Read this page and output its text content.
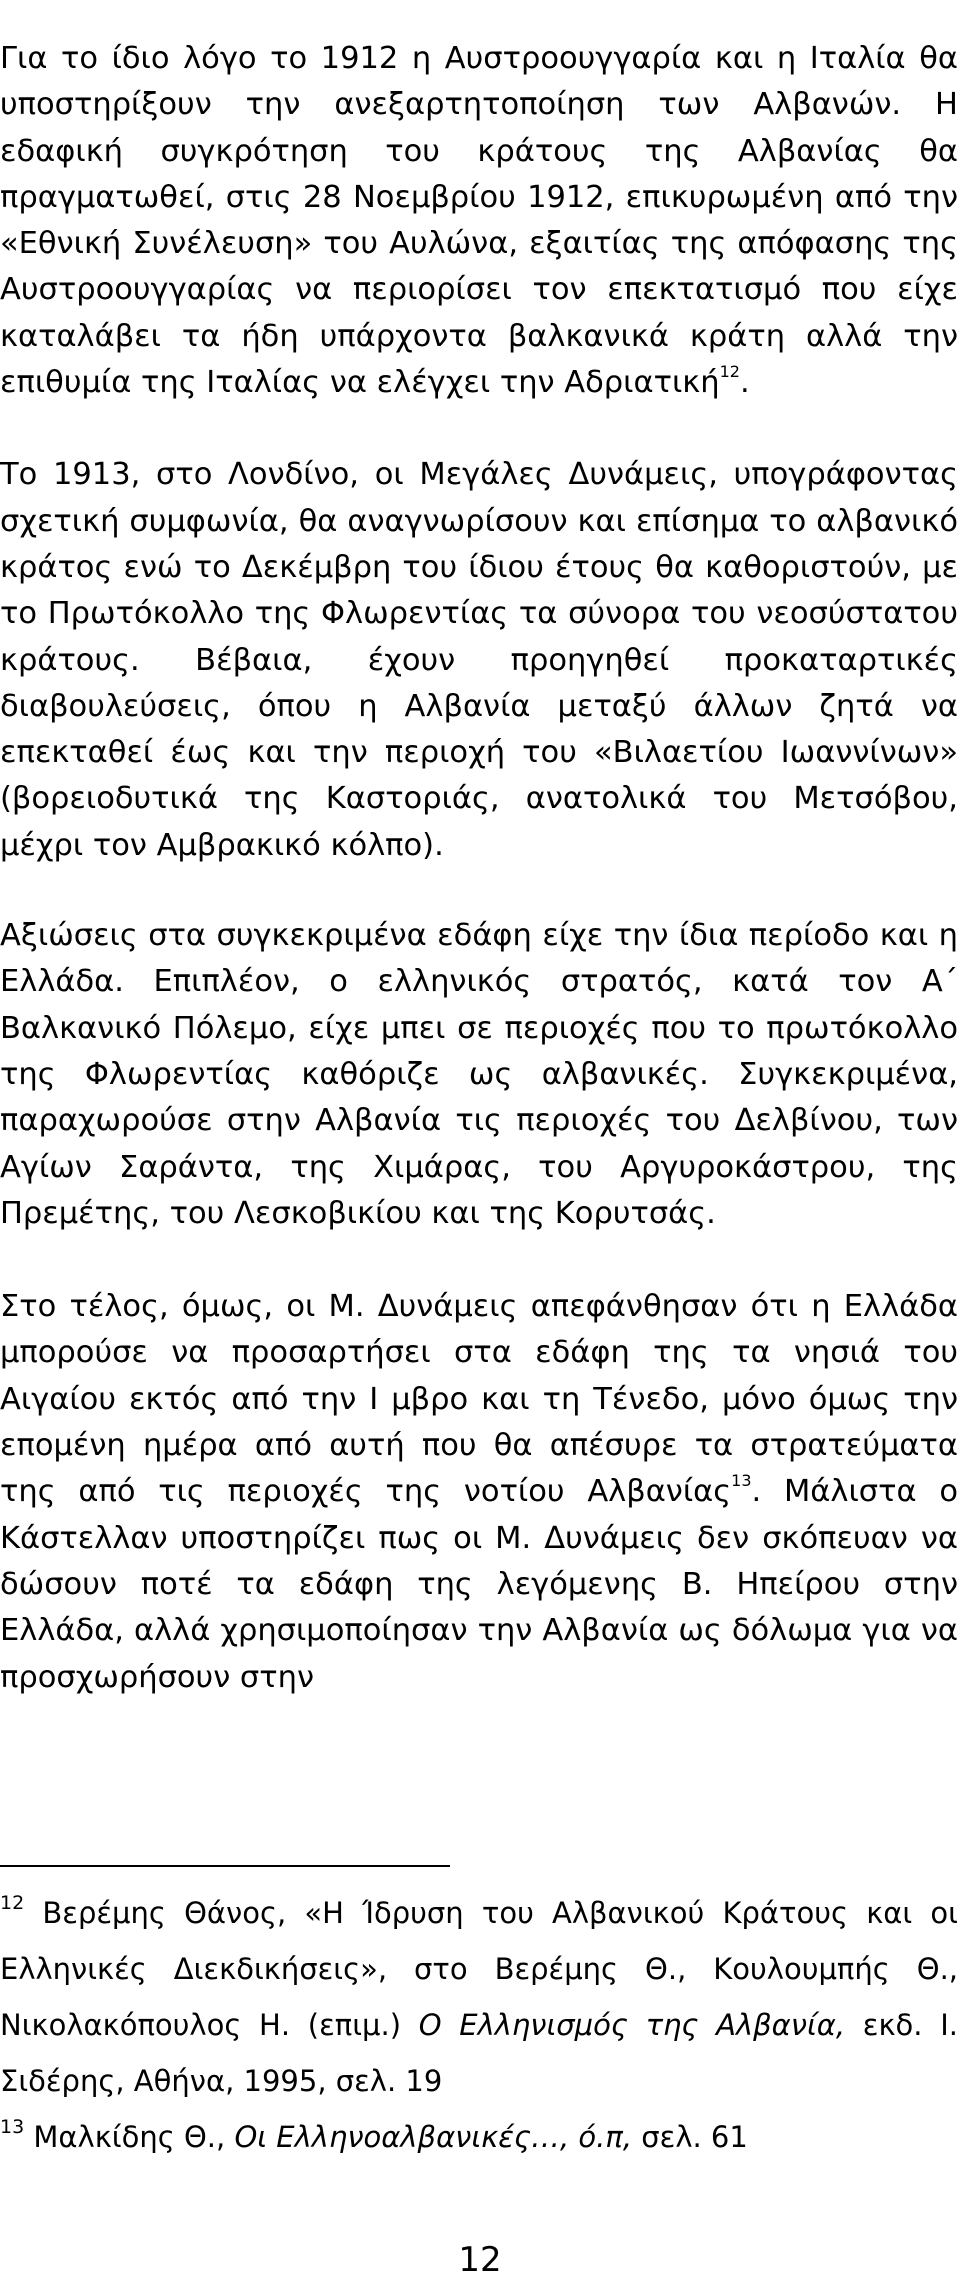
Για το ίδιο λόγο το 1912 η Αυστροουγγαρία και η Ιταλία θα υποστηρίξουν την ανεξαρτητοποίηση των Αλβανών. Η εδαφική συγκρότηση του κράτους της Αλβανίας θα πραγματωθεί, στις 28 Νοεμβρίου 1912, επικυρωμένη από την «Εθνική Συνέλευση» του Αυλώνα, εξαιτίας της απόφασης της Αυστροουγγαρίας να περιορίσει τον επεκτατισμό που είχε καταλάβει τα ήδη υπάρχοντα βαλκανικά κράτη αλλά την επιθυμία της Ιταλίας να ελέγχει την Αδριατική$^{12}$.

Το 1913, στο Λονδίνο, οι Μεγάλες Δυνάμεις, υπογράφοντας σχετική συμφωνία, θα αναγνωρίσουν και επίσημα το αλβανικό κράτος ενώ το Δεκέμβρη του ίδιου έτους θα καθοριστούν, με το Πρωτόκολλο της Φλωρεντίας τα σύνορα του νεοσύστατου κράτους. Βέβαια, έχουν προηγηθεί προκαταρτικές διαβουλεύσεις, όπου η Αλβανία μεταξύ άλλων ζητά να επεκταθεί έως και την περιοχή του «Βιλαετίου Ιωαννίνων» (βορειοδυτικά της Καστοριάς, ανατολικά του Μετσόβου, μέχρι τον Αμβρακικό κόλπο).

Αξιώσεις στα συγκεκριμένα εδάφη είχε την ίδια περίοδο και η Ελλάδα. Επιπλέον, ο ελληνικός στρατός, κατά τον Α΄ Βαλκανικό Πόλεμο, είχε μπει σε περιοχές που το πρωτόκολλο της Φλωρεντίας καθόριζε ως αλβανικές. Συγκεκριμένα, παραχωρούσε στην Αλβανία τις περιοχές του Δελβίνου, των Αγίων Σαράντα, της Χιμάρας, του Αργυροκάστρου, της Πρεμέτης, του Λεσκοβικίου και της Κορυτσάς.

Στο τέλος, όμως, οι Μ. Δυνάμεις απεφάνθησαν ότι η Ελλάδα μπορούσε να προσαρτήσει στα εδάφη της τα νησιά του Αιγαίου εκτός από την Ι μβρο και τη Τένεδο, μόνο όμως την επομένη ημέρα από αυτή που θα απέσυρε τα στρατεύματα της από τις περιοχές της νοτίου Αλβανίας$^{13}$. Μάλιστα ο Κάστελλαν υποστηρίζει πως οι Μ. Δυνάμεις δεν σκόπευαν να δώσουν ποτέ τα εδάφη της λεγόμενης Β. Ηπείρου στην Ελλάδα, αλλά χρησιμοποίησαν την Αλβανία ως δόλωμα για να προσχωρήσουν στην

$^{12}$ Βερέμης Θάνος, «Η Ίδρυση του Αλβανικού Κράτους και οι Ελληνικές Διεκδικήσεις», στο Βερέμης Θ., Κουλουμπής Θ., Νικολακόπουλος Η. (επιμ.) Ο Ελληνισμός της Αλβανία, εκδ. Ι. Σιδέρης, Αθήνα, 1995, σελ. 19

$^{13}$ Μαλκίδης Θ., Οι Ελληνοαλβανικές…, ό.π, σελ. 61

12
